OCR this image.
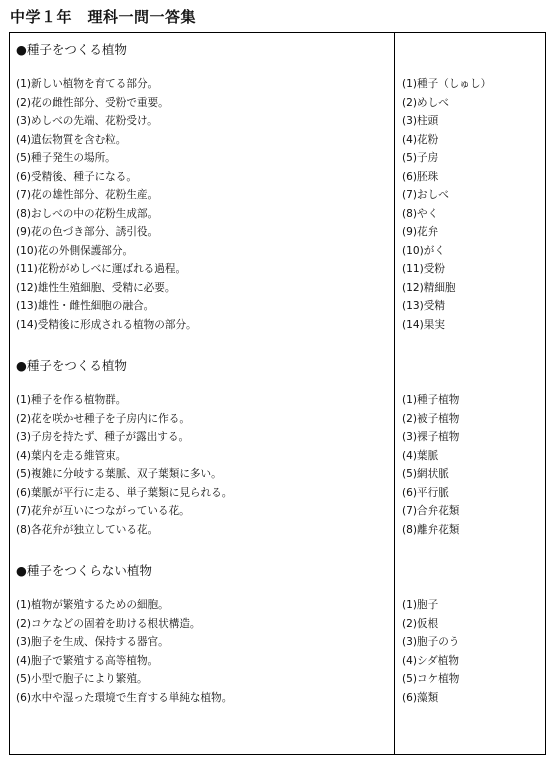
中学１年　理科一問一答集
●種子をつくる植物
(1)新しい植物を育てる部分。
(2)花の雌性部分、受粉で重要。
(3)めしべの先端、花粉受け。
(4)遺伝物質を含む粒。
(5)種子発生の場所。
(6)受精後、種子になる。
(7)花の雄性部分、花粉生産。
(8)おしべの中の花粉生成部。
(9)花の色づき部分、誘引役。
(10)花の外側保護部分。
(11)花粉がめしべに運ばれる過程。
(12)雄性生殖細胞、受精に必要。
(13)雄性・雌性細胞の融合。
(14)受精後に形成される植物の部分。
●種子をつくる植物
(1)種子を作る植物群。
(2)花を咲かせ種子を子房内に作る。
(3)子房を持たず、種子が露出する。
(4)葉内を走る維管束。
(5)複雑に分岐する葉脈、双子葉類に多い。
(6)葉脈が平行に走る、単子葉類に見られる。
(7)花弁が互いにつながっている花。
(8)各花弁が独立している花。
●種子をつくらない植物
(1)植物が繁殖するための細胞。
(2)コケなどの固着を助ける根状構造。
(3)胞子を生成、保持する器官。
(4)胞子で繁殖する高等植物。
(5)小型で胞子により繁殖。
(6)水中や湿った環境で生育する単純な植物。
(1)種子（しゅし）
(2)めしべ
(3)柱頭
(4)花粉
(5)子房
(6)胚珠
(7)おしべ
(8)やく
(9)花弁
(10)がく
(11)受粉
(12)精細胞
(13)受精
(14)果実
(1)種子植物
(2)被子植物
(3)裸子植物
(4)葉脈
(5)網状脈
(6)平行脈
(7)合弁花類
(8)離弁花類
(1)胞子
(2)仮根
(3)胞子のう
(4)シダ植物
(5)コケ植物
(6)藻類
